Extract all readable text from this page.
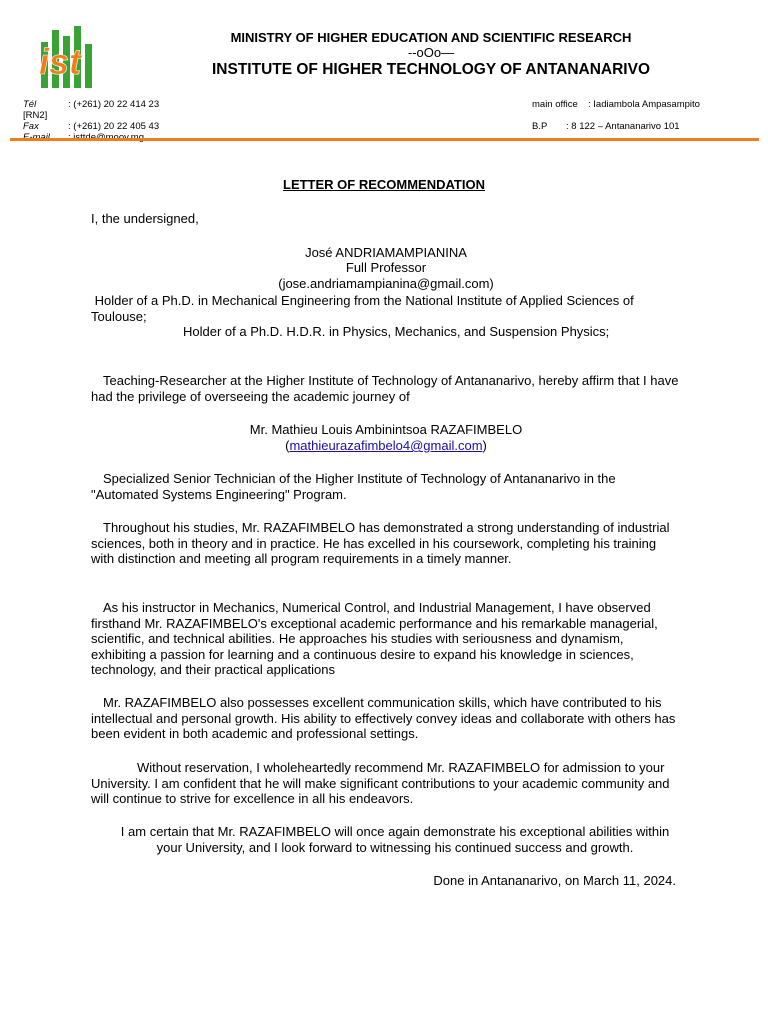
ist
MINISTRY OF HIGHER EDUCATION AND SCIENTIFIC RESEARCH
--oOo—
INSTITUTE OF HIGHER TECHNOLOGY OF ANTANANARIVO
Tél	: (+261) 20 22 414 23
[RN2]
Fax	: (+261) 20 22 405 43
main office : Iadiambola Ampasampito
B.P : 8 122 – Antananarivo 101
LETTER OF RECOMMENDATION
I, the undersigned,
José ANDRIAMAMPIANINA
Full Professor
(jose.andriamampianina@gmail.com)
Holder of a Ph.D. in Mechanical Engineering from the National Institute of Applied Sciences of Toulouse;
Holder of a Ph.D. H.D.R. in Physics, Mechanics, and Suspension Physics;
Teaching-Researcher at the Higher Institute of Technology of Antananarivo, hereby affirm that I have had the privilege of overseeing the academic journey of
Mr. Mathieu Louis Ambinintsoa RAZAFIMBELO
(mathieurazafimbelo4@gmail.com)
Specialized Senior Technician of the Higher Institute of Technology of Antananarivo in the "Automated Systems Engineering" Program.
Throughout his studies, Mr. RAZAFIMBELO has demonstrated a strong understanding of industrial sciences, both in theory and in practice. He has excelled in his coursework, completing his training with distinction and meeting all program requirements in a timely manner.
As his instructor in Mechanics, Numerical Control, and Industrial Management, I have observed firsthand Mr. RAZAFIMBELO's exceptional academic performance and his remarkable managerial, scientific, and technical abilities. He approaches his studies with seriousness and dynamism, exhibiting a passion for learning and a continuous desire to expand his knowledge in sciences, technology, and their practical applications
Mr. RAZAFIMBELO also possesses excellent communication skills, which have contributed to his intellectual and personal growth. His ability to effectively convey ideas and collaborate with others has been evident in both academic and professional settings.
Without reservation, I wholeheartedly recommend Mr. RAZAFIMBELO for admission to your University. I am confident that he will make significant contributions to your academic community and will continue to strive for excellence in all his endeavors.
I am certain that Mr. RAZAFIMBELO will once again demonstrate his exceptional abilities within your University, and I look forward to witnessing his continued success and growth.
Done in Antananarivo, on March 11, 2024.
